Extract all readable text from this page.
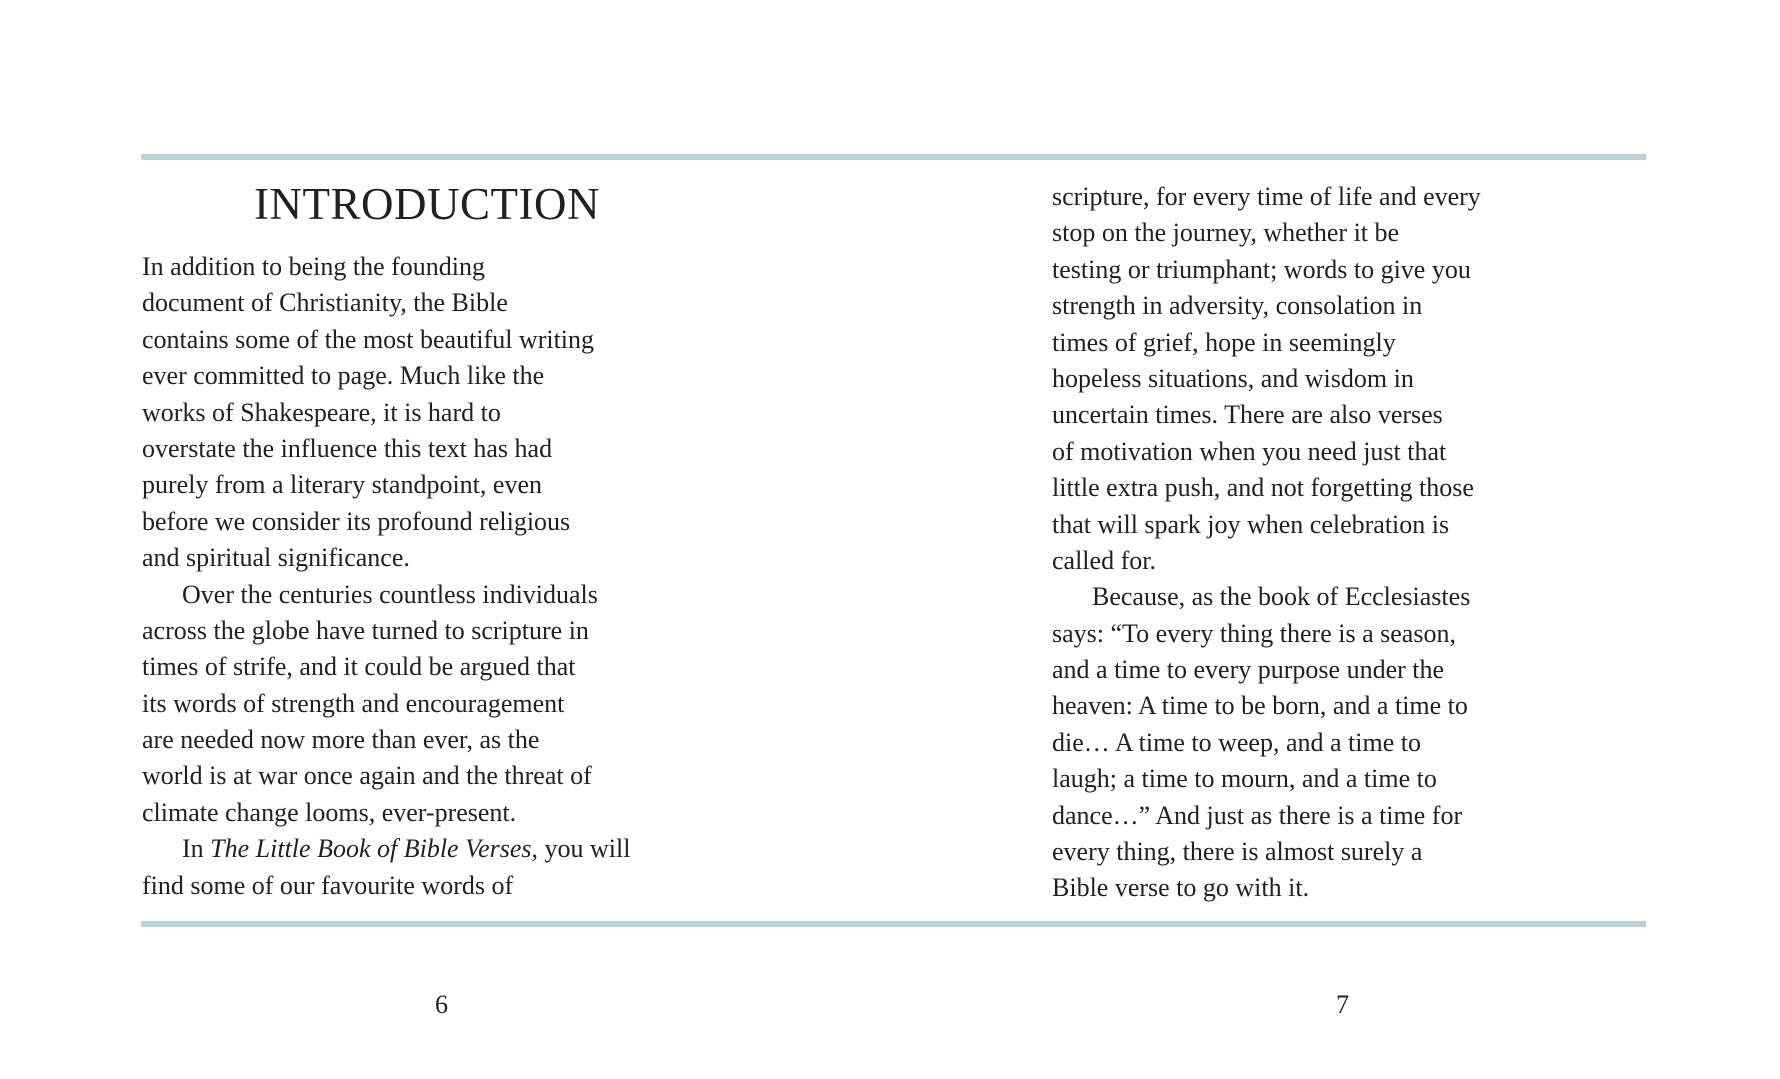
INTRODUCTION
In addition to being the founding
document of Christianity, the Bible
contains some of the most beautiful writing
ever committed to page. Much like the
works of Shakespeare, it is hard to
overstate the influence this text has had
purely from a literary standpoint, even
before we consider its profound religious
and spiritual significance.
Over the centuries countless individuals
across the globe have turned to scripture in
times of strife, and it could be argued that
its words of strength and encouragement
are needed now more than ever, as the
world is at war once again and the threat of
climate change looms, ever-present.
In The Little Book of Bible Verses, you will
find some of our favourite words of
scripture, for every time of life and every
stop on the journey, whether it be
testing or triumphant; words to give you
strength in adversity, consolation in
times of grief, hope in seemingly
hopeless situations, and wisdom in
uncertain times. There are also verses
of motivation when you need just that
little extra push, and not forgetting those
that will spark joy when celebration is
called for.
Because, as the book of Ecclesiastes
says: “To every thing there is a season,
and a time to every purpose under the
heaven: A time to be born, and a time to
die… A time to weep, and a time to
laugh; a time to mourn, and a time to
dance…” And just as there is a time for
every thing, there is almost surely a
Bible verse to go with it.
6	7
